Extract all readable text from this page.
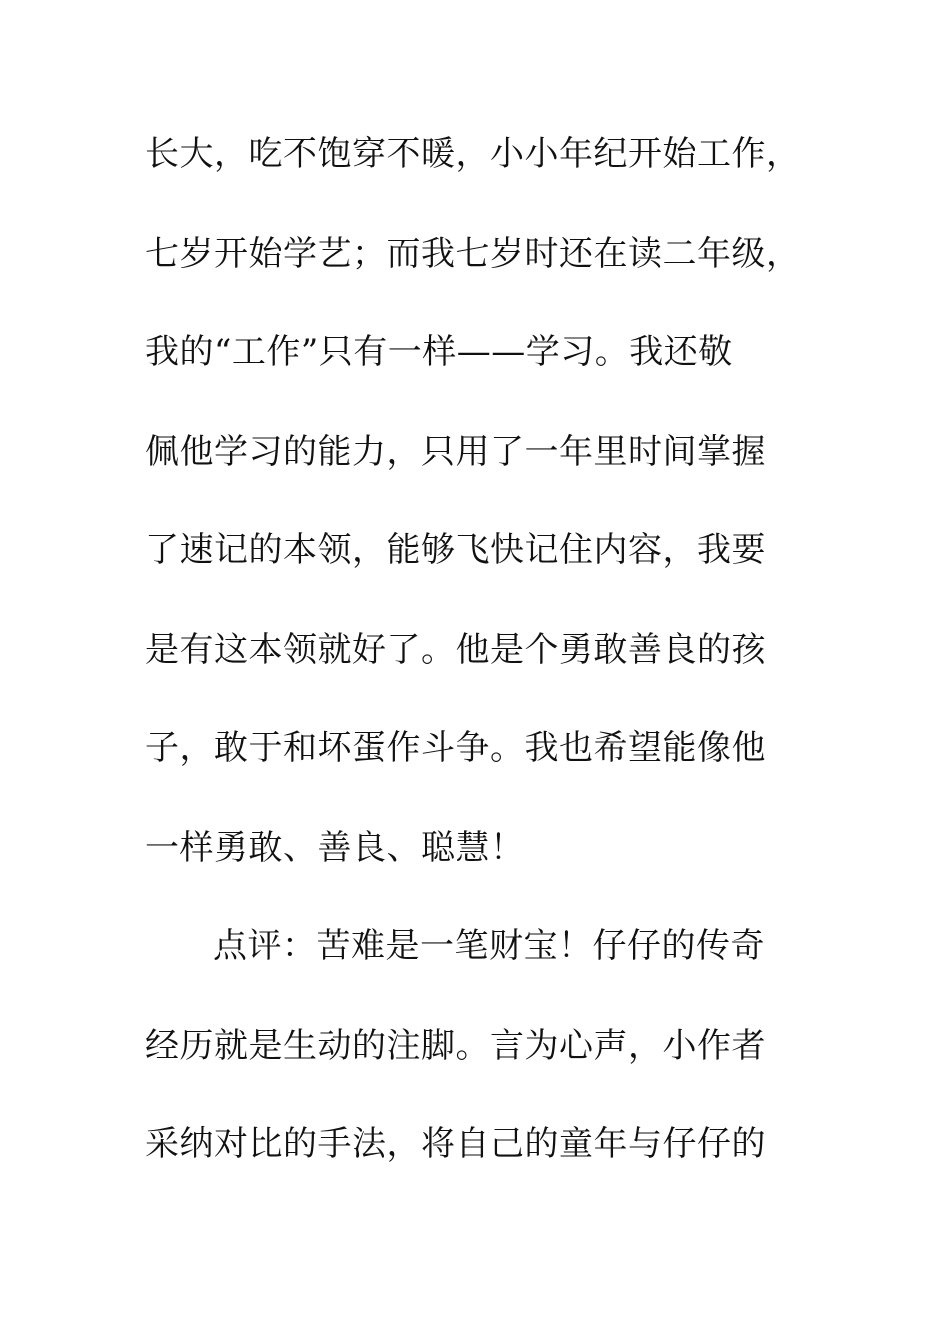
长大，吃不饱穿不暖，小小年纪开始工作，
七岁开始学艺；而我七岁时还在读二年级，
我的“工作”只有一样——学习。我还敬
佩他学习的能力，只用了一年里时间掌握
了速记的本领，能够飞快记住内容，我要
是有这本领就好了。他是个勇敢善良的孩
子，敢于和坏蛋作斗争。我也希望能像他
一样勇敢、善良、聪慧！
点评：苦难是一笔财宝！仔仔的传奇
经历就是生动的注脚。言为心声，小作者
采纳对比的手法，将自己的童年与仔仔的
